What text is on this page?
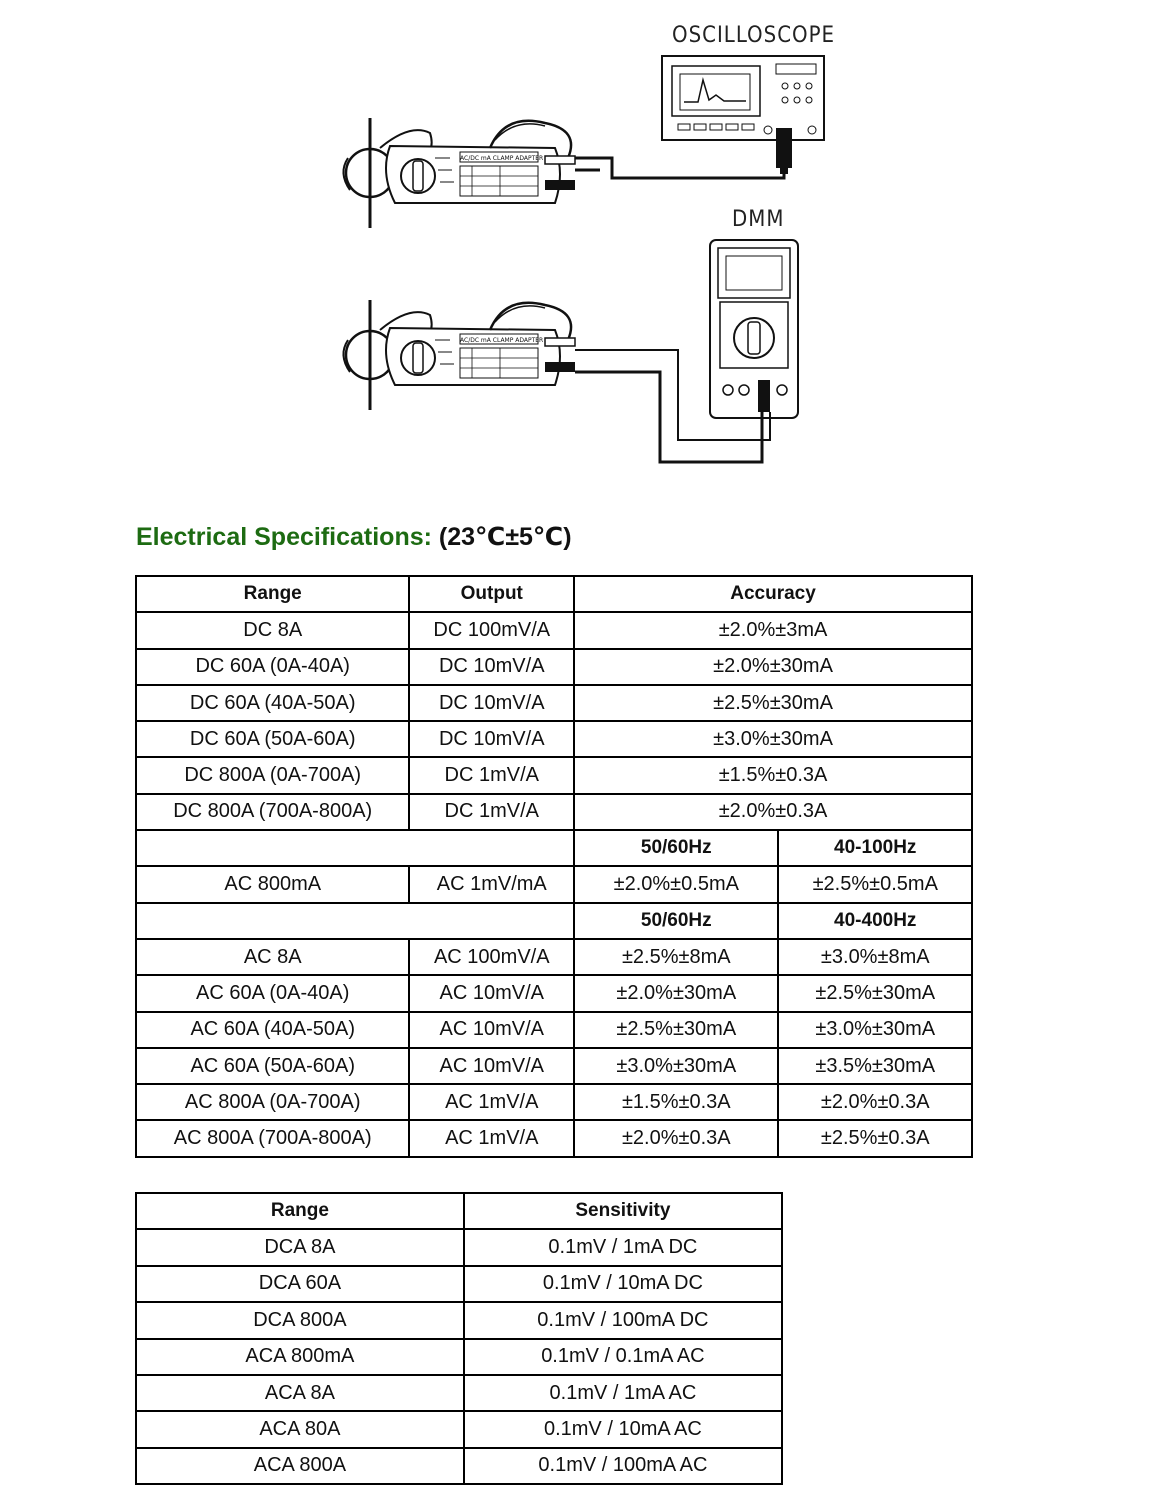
AC/DC mA CLAMP ADAPTER
OSCILLOSCOPE
AC/DC mA CLAMP ADAPTER
DMM
Electrical Specifications: (23℃±5℃)
Range	Output	Accuracy	
DC 8A	DC 100mV/A	±2.0%±3mA	
DC 60A (0A-40A)	DC 10mV/A	±2.0%±30mA	
DC 60A (40A-50A)	DC 10mV/A	±2.5%±30mA	
DC 60A (50A-60A)	DC 10mV/A	±3.0%±30mA	
DC 800A (0A-700A)	DC 1mV/A	±1.5%±0.3A	
DC 800A (700A-800A)	DC 1mV/A	±2.0%±0.3A	
		50/60Hz	40-100Hz
AC 800mA	AC 1mV/mA	±2.0%±0.5mA	±2.5%±0.5mA
		50/60Hz	40-400Hz
AC 8A	AC 100mV/A	±2.5%±8mA	±3.0%±8mA
AC 60A (0A-40A)	AC 10mV/A	±2.0%±30mA	±2.5%±30mA
AC 60A (40A-50A)	AC 10mV/A	±2.5%±30mA	±3.0%±30mA
AC 60A (50A-60A)	AC 10mV/A	±3.0%±30mA	±3.5%±30mA
AC 800A (0A-700A)	AC 1mV/A	±1.5%±0.3A	±2.0%±0.3A
AC 800A (700A-800A)	AC 1mV/A	±2.0%±0.3A	±2.5%±0.3A
Range	Sensitivity
DCA 8A	0.1mV / 1mA DC
DCA 60A	0.1mV / 10mA DC
DCA 800A	0.1mV / 100mA DC
ACA 800mA	0.1mV / 0.1mA AC
ACA 8A	0.1mV / 1mA AC
ACA 80A	0.1mV / 10mA AC
ACA 800A	0.1mV / 100mA AC
